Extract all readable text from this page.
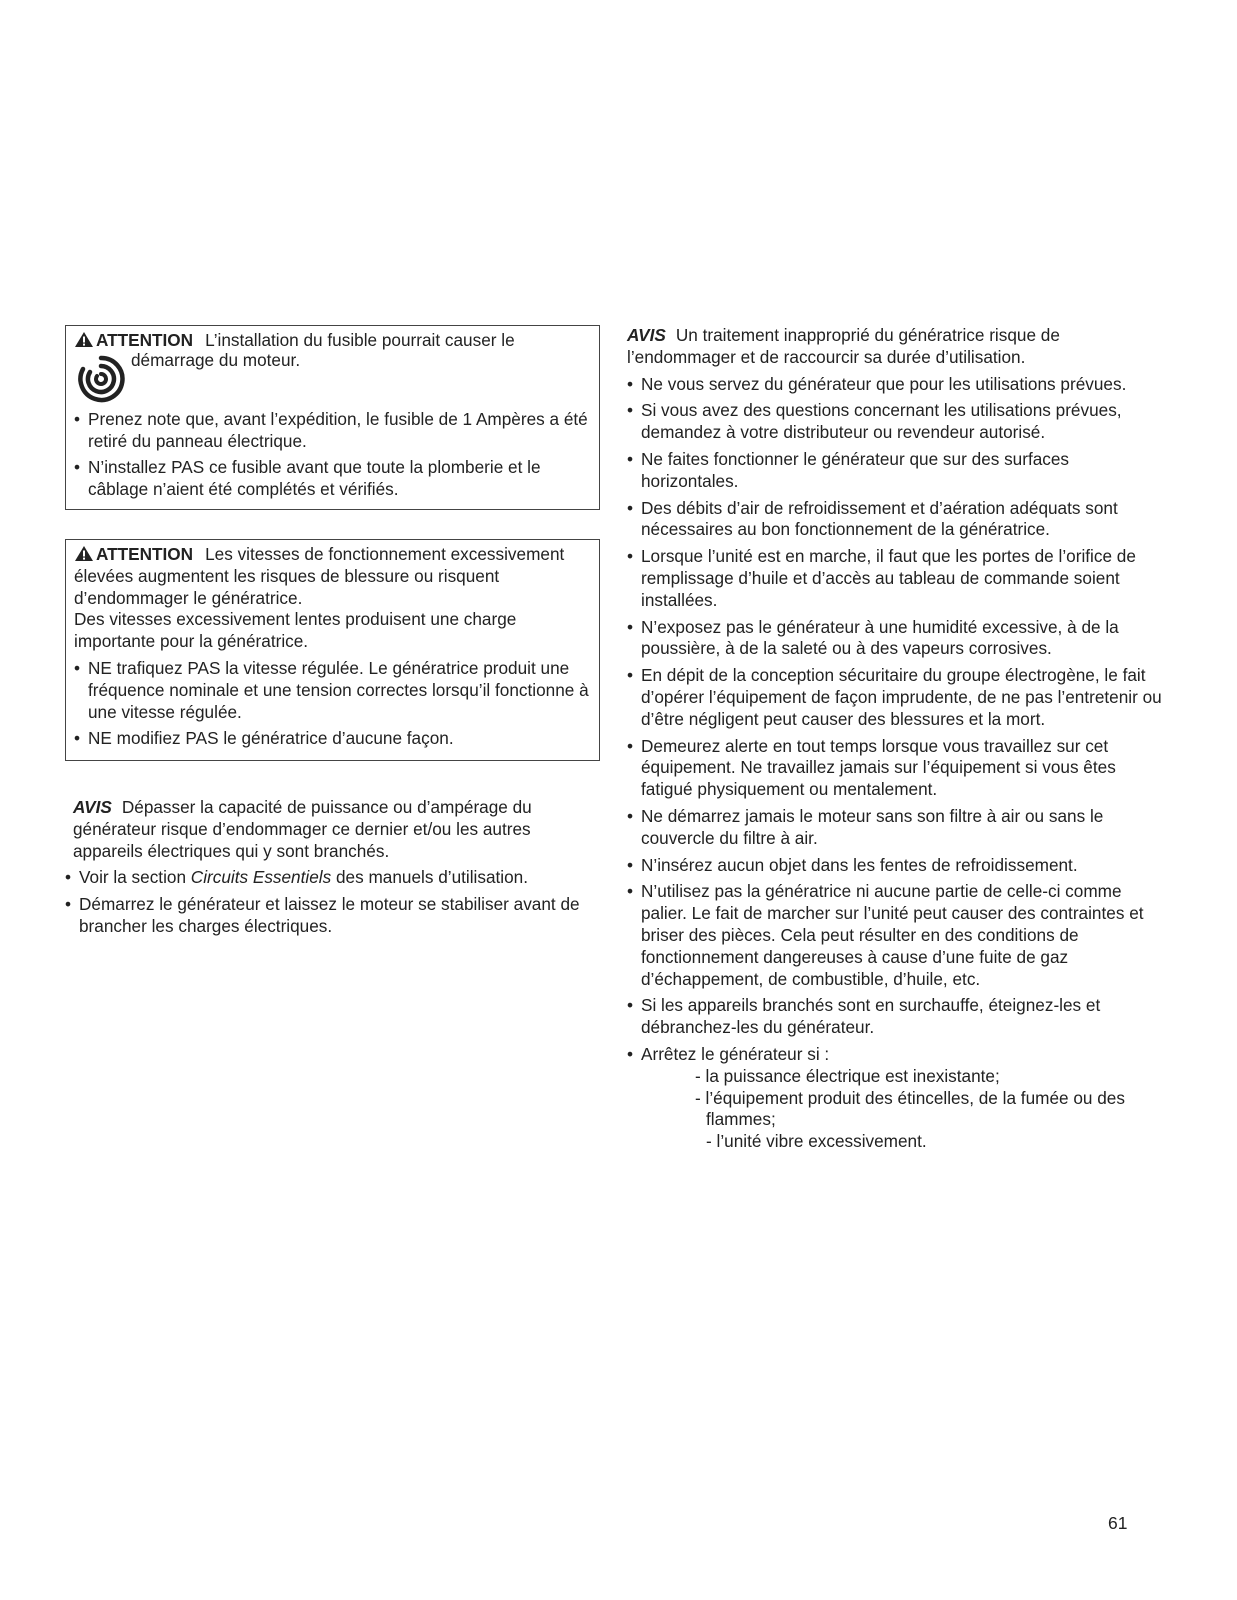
ATTENTION L’installation du fusible pourrait causer le

démarrage du moteur.
• Prenez note que, avant l’expédition, le fusible de 1 Ampères a été retiré du panneau électrique.
• N’installez PAS ce fusible avant que toute la plomberie et le câblage n’aient été complétés et vérifiés.

ATTENTION Les vitesses de fonctionnement excessivement élevées augmentent les risques de blessure ou risquent d’endommager le génératrice.

Des vitesses excessivement lentes produisent une charge importante pour la génératrice.

• NE trafiquez PAS la vitesse régulée. Le génératrice produit une fréquence nominale et une tension correctes lorsqu’il fonctionne à une vitesse régulée.
• NE modifiez PAS le génératrice d’aucune façon.

AVIS Dépasser la capacité de puissance ou d’ampérage du générateur risque d’endommager ce dernier et/ou les autres appareils électriques qui y sont branchés.

• Voir la section Circuits Essentiels des manuels d’utilisation.
• Démarrez le générateur et laissez le moteur se stabiliser avant de brancher les charges électriques.

AVIS Un traitement inapproprié du génératrice risque de l’endommager et de raccourcir sa durée d’utilisation.

• Ne vous servez du générateur que pour les utilisations prévues.
• Si vous avez des questions concernant les utilisations prévues, demandez à votre distributeur ou revendeur autorisé.
• Ne faites fonctionner le générateur que sur des surfaces horizontales.
• Des débits d’air de refroidissement et d’aération adéquats sont nécessaires au bon fonctionnement de la génératrice.
• Lorsque l’unité est en marche, il faut que les portes de l’orifice de remplissage d’huile et d’accès au tableau de commande soient installées.
• N’exposez pas le générateur à une humidité excessive, à de la poussière, à de la saleté ou à des vapeurs corrosives.
• En dépit de la conception sécuritaire du groupe électrogène, le fait d’opérer l’équipement de façon imprudente, de ne pas l’entretenir ou d’être négligent peut causer des blessures et la mort.
• Demeurez alerte en tout temps lorsque vous travaillez sur cet équipement. Ne travaillez jamais sur l’équipement si vous êtes fatigué physiquement ou mentalement.
• Ne démarrez jamais le moteur sans son filtre à air ou sans le couvercle du filtre à air.
• N’insérez aucun objet dans les fentes de refroidissement.
• N’utilisez pas la génératrice ni aucune partie de celle-ci comme palier. Le fait de marcher sur l’unité peut causer des contraintes et briser des pièces. Cela peut résulter en des conditions de fonctionnement dangereuses à cause d’une fuite de gaz d’échappement, de combustible, d’huile, etc.
• Si les appareils branchés sont en surchauffe, éteignez-les et débranchez-les du générateur.
• Arrêtez le générateur si :

- la puissance électrique est inexistante;

- l’équipement produit des étincelles, de la fumée ou des

flammes;

- l’unité vibre excessivement.

61
